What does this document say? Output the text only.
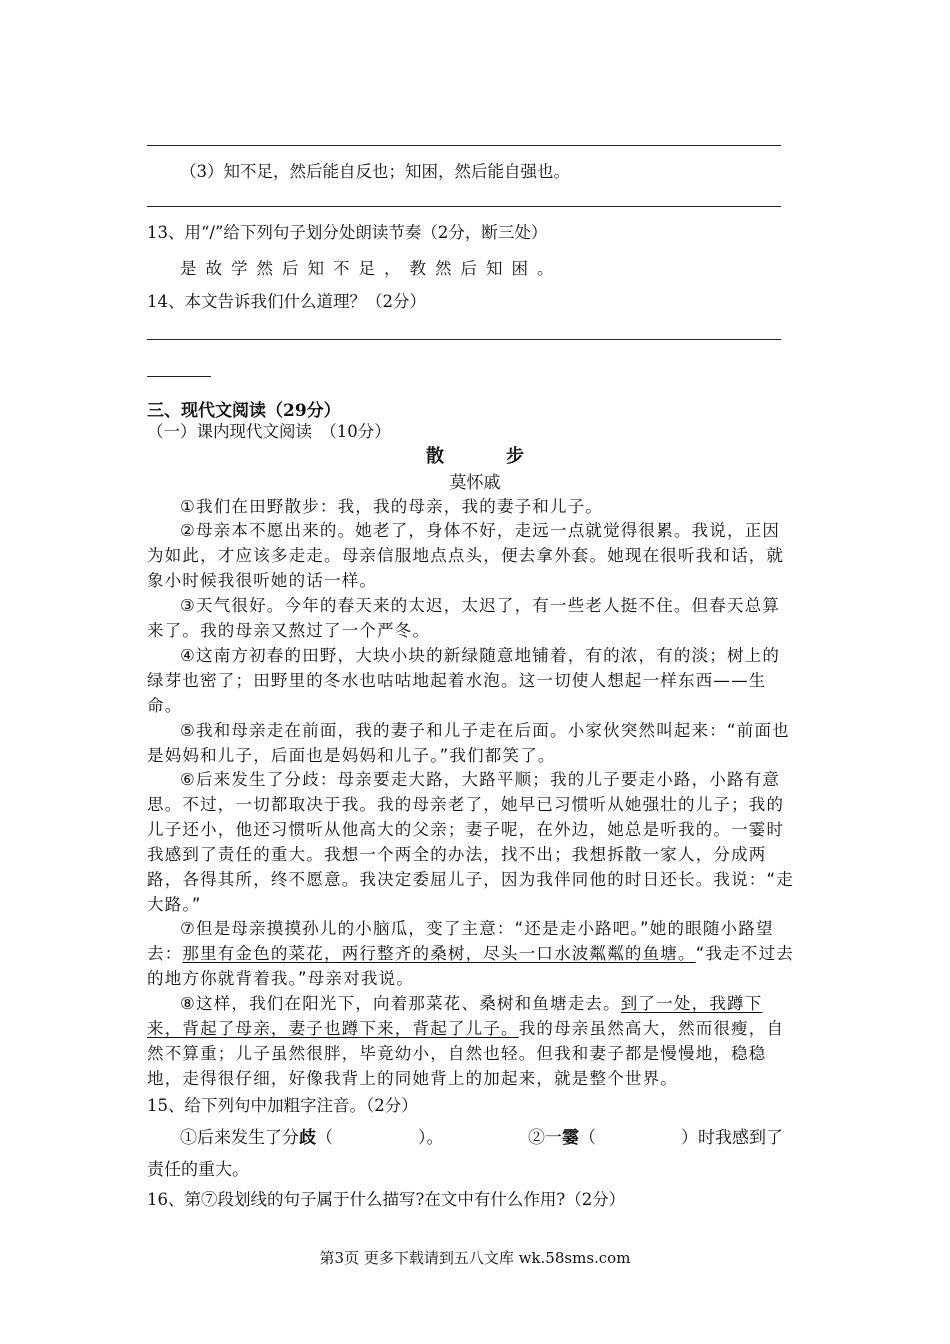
（3）知不足，然后能自反也；知困，然后能自强也。
13、用“/”给下列句子划分处朗读节奏（2分，断三处）
是故学然后知不足，教然后知困。
14、本文告诉我们什么道理？（2分）
三、现代文阅读（29分）
（一）课内现代文阅读　（10分）
散　步
莫怀戚

①我们在田野散步：我，我的母亲，我的妻子和儿子。

②母亲本不愿出来的。她老了，身体不好，走远一点就觉得很累。我说，正因为如此，才应该多走走。母亲信服地点点头，便去拿外套。她现在很听我和话，就象小时候我很听她的话一样。

③天气很好。今年的春天来的太迟，太迟了，有一些老人挺不住。但春天总算来了。我的母亲又熬过了一个严冬。

④这南方初春的田野，大块小块的新绿随意地铺着，有的浓，有的淡；树上的绿芽也密了；田野里的冬水也咕咕地起着水泡。这一切使人想起一样东西——生命。

⑤我和母亲走在前面，我的妻子和儿子走在后面。小家伙突然叫起来：“前面也是妈妈和儿子，后面也是妈妈和儿子。”我们都笑了。

⑥后来发生了分歧：母亲要走大路，大路平顺；我的儿子要走小路，小路有意思。不过，一切都取决于我。我的母亲老了，她早已习惯听从她强壮的儿子；我的儿子还小，他还习惯听从他高大的父亲；妻子呢，在外边，她总是听我的。一霎时我感到了责任的重大。我想一个两全的办法，找不出；我想拆散一家人，分成两路，各得其所，终不愿意。我决定委屈儿子，因为我伴同他的时日还长。我说：“走大路。”

⑦但是母亲摸摸孙儿的小脑瓜，变了主意：“还是走小路吧。”她的眼随小路望去：那里有金色的菜花，两行整齐的桑树，尽头一口水波粼粼的鱼塘。“我走不过去的地方你就背着我。”母亲对我说。

⑧这样，我们在阳光下，向着那菜花、桑树和鱼塘走去。到了一处，我蹲下来，背起了母亲，妻子也蹲下来，背起了儿子。我的母亲虽然高大，然而很瘦，自然不算重；儿子虽然很胖，毕竟幼小，自然也轻。但我和妻子都是慢慢地，稳稳地，走得很仔细，好像我背上的同她背上的加起来，就是整个世界。

15、给下列句中加粗字注音。（2分）
①后来发生了分歧（　　　　　）。	②一霎（　　　　　）时我感到了
责任的重大。
16、第⑦段划线的句子属于什么描写?在文中有什么作用?（2分）
第3页 更多下载请到五八文库 wk.58sms.com
